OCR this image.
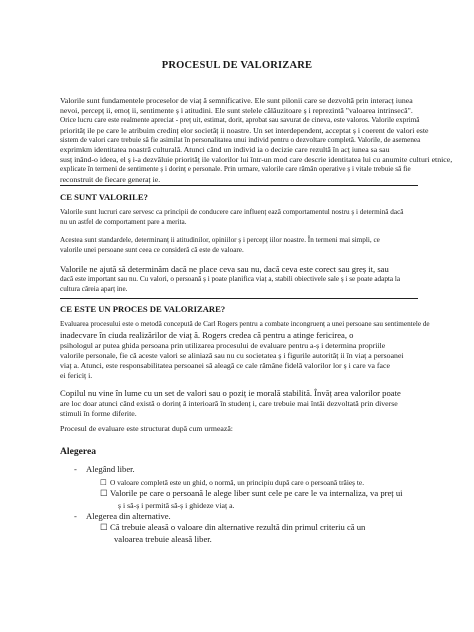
PROCESUL DE VALORIZARE
Valorile sunt fundamentele proceselor de viaț ă semnificative. Ele sunt pilonii care se dezvoltă prin interacț iunea
nevoi, percepț ii, emoț ii, sentimente ș i atitudini. Ele sunt stelele călăuzitoare ș i reprezintă "valoarea intrinsecă".
Orice lucru care este realmente apreciat - preț uit, estimat, dorit, aprobat sau savurat de cineva, este valoros. Valorile exprimă
priorităț ile pe care le atribuim credinț elor societăț ii noastre. Un set interdependent, acceptat ș i coerent de valori este
sistem de valori care trebuie să fie asimilat în personalitatea unui individ pentru o dezvoltare completă. Valorile, de asemenea
exprimkm identitatea noastră culturală. Atunci când un individ ia o decizie care rezultă în acț iunea sa sau
susț inând-o ideea, el ș i-a dezvăluie priorităț ile valorilor lui într-un mod care descrie identitatea lui cu anumite culturi etnice,
explicate în termeni de sentimente ș i dorinț e personale. Prin urmare, valorile care rămân operative ș i vitale trebuie să fie
reconstruit de fiecare generaț ie.
CE SUNT VALORILE?
Valorile sunt lucruri care servesc ca principii de conducere care influenț ează comportamentul nostru ș i determină dacă
nu un astfel de comportament pare a merita.
Acestea sunt standardele, determinanț ii atitudinilor, opiniilor ș i percepț iilor noastre. În termeni mai simpli, ce
valorile unei persoane sunt ceea ce consideră că este de valoare.
Valorile ne ajută să determinăm dacă ne place ceva sau nu, dacă ceva este corect sau greș it, sau
dacă este important sau nu. Cu valori, o persoană ș i poate planifica viaț a, stabili obiectivele sale ș i se poate adapta la
cultura căreia aparț ine.
CE ESTE UN PROCES DE VALORIZARE?
Evaluarea procesului este o metodă concepută de Carl Rogers pentru a combate incongruenț a unei persoane sau sentimentele de
inadecvare în ciuda realizărilor de viaț ă. Rogers credea că pentru a atinge fericirea, o
psihologul ar putea ghida persoana prin utilizarea procesului de evaluare pentru a-ș i determina propriile
valorile personale, fie că aceste valori se aliniază sau nu cu societatea ș i figurile autorităț ii în viaț a persoanei
viaț a. Atunci, este responsabilitatea persoanei să aleagă ce cale rămâne fidelă valorilor lor ș i care va face
ei fericiț i.
Copilul nu vine în lume cu un set de valori sau o poziț ie morală stabilită. Învăț area valorilor poate
are loc doar atunci când există o dorinț ă interioară în studenț i, care trebuie mai întâi dezvoltată prin diverse
stimuli în forme diferite.
Procesul de evaluare este structurat după cum urmează:
Alegerea
- Alegând liber.
☐ O valoare completă este un ghid, o normă, un principiu după care o persoană trăieș te.
☐ Valorile pe care o persoană le alege liber sunt cele pe care le va internaliza, va preț ui
ș i să-ș i permită să-ș i ghideze viaț a.
- Alegerea din alternative.
☐ Că trebuie aleasă o valoare din alternative rezultă din primul criteriu că un
valoarea trebuie aleasă liber.
